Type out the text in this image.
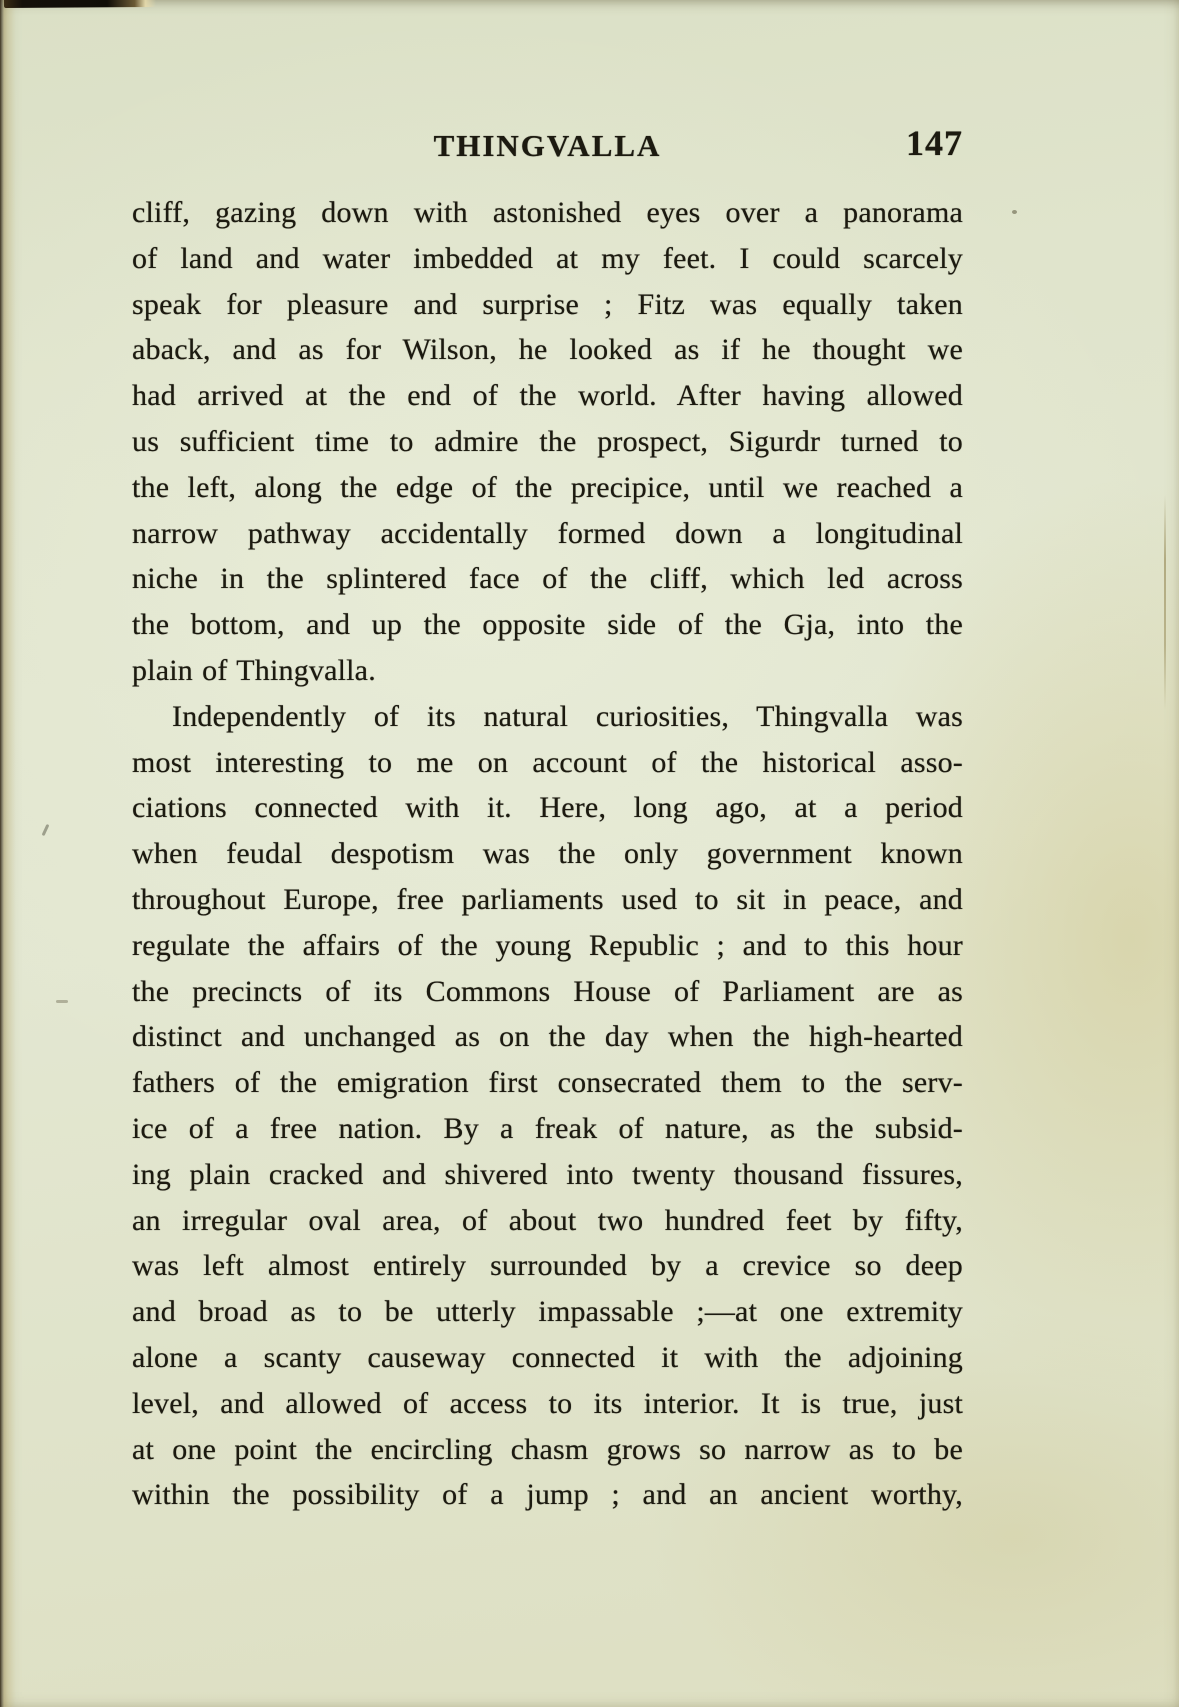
THINGVALLA	147
cliff, gazing down with astonished eyes over a panorama
of land and water imbedded at my feet. I could scarcely
speak for pleasure and surprise ; Fitz was equally taken
aback, and as for Wilson, he looked as if he thought we
had arrived at the end of the world. After having allowed
us sufficient time to admire the prospect, Sigurdr turned to
the left, along the edge of the precipice, until we reached a
narrow pathway accidentally formed down a longitudinal
niche in the splintered face of the cliff, which led across
the bottom, and up the opposite side of the Gja, into the
plain of Thingvalla.
Independently of its natural curiosities, Thingvalla was
most interesting to me on account of the historical asso-
ciations connected with it. Here, long ago, at a period
when feudal despotism was the only government known
throughout Europe, free parliaments used to sit in peace, and
regulate the affairs of the young Republic ; and to this hour
the precincts of its Commons House of Parliament are as
distinct and unchanged as on the day when the high-hearted
fathers of the emigration first consecrated them to the serv-
ice of a free nation. By a freak of nature, as the subsid-
ing plain cracked and shivered into twenty thousand fissures,
an irregular oval area, of about two hundred feet by fifty,
was left almost entirely surrounded by a crevice so deep
and broad as to be utterly impassable ;—at one extremity
alone a scanty causeway connected it with the adjoining
level, and allowed of access to its interior. It is true, just
at one point the encircling chasm grows so narrow as to be
within the possibility of a jump ; and an ancient worthy,
